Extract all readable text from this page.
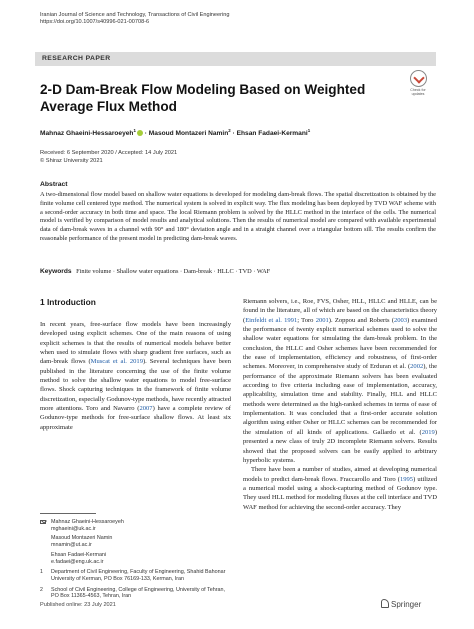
Iranian Journal of Science and Technology, Transactions of Civil Engineering
https://doi.org/10.1007/s40996-021-00708-6
RESEARCH PAPER
Check for
updates
2-D Dam-Break Flow Modeling Based on Weighted Average Flux Method
Mahnaz Ghaeini-Hessaroeyeh$^1$ · Masoud Montazeri Namin$^2$ · Ehsan Fadaei-Kermani$^1$
Received: 6 September 2020 / Accepted: 14 July 2021
© Shiraz University 2021
Abstract

A two-dimensional flow model based on shallow water equations is developed for modeling dam-break flows. The spatial discretization is obtained by the finite volume cell centered type method. The numerical system is solved in explicit way. The flux modeling has been deployed by TVD WAF scheme with a second-order accuracy in both time and space. The local Riemann problem is solved by the HLLC method in the interface of the cells. The numerical model is verified by comparison of model results and analytical solutions. Then the results of numerical model are compared with available experimental data of dam-break waves in a channel with 90° and 180° deviation angle and in a straight channel over a triangular bottom sill. The results confirm the reasonable performance of the present model in predicting dam-break waves.

Keywords Finite volume · Shallow water equations · Dam-break · HLLC · TVD · WAF
1 Introduction

In recent years, free-surface flow models have been increasingly developed using explicit schemes. One of the main reasons of using explicit schemes is that the results of numerical models behave better when used to simulate flows with sharp gradient free surfaces, such as dam-break flows (Muscat et al. 2019). Several techniques have been published in the literature concerning the use of the finite volume method to solve the shallow water equations to model free-surface flows. Shock capturing techniques in the framework of finite volume discretization, especially Godunov-type methods, have recently attracted more attentions. Toro and Navarro (2007) have a complete review of Godunov-type methods for free-surface shallow flows. At least six approximate

Riemann solvers, i.e., Roe, FVS, Osher, HLL, HLLC and HLLE, can be found in the literature, all of which are based on the characteristics theory (Einfeldt et al. 1991; Toro 2001). Zoppou and Roberts (2003) examined the performance of twenty explicit numerical schemes used to solve the shallow water equations for simulating the dam-break problem. In the conclusion, the HLLC and Osher schemes have been recommended for the ease of implementation, efficiency and robustness, of first-order schemes. Moreover, in comprehensive study of Erduran et al. (2002), the performance of the approximate Riemann solvers has been evaluated according to five criteria including ease of implementation, accuracy, applicability, simulation time and stability. Finally, HLL and HLLC methods were determined as the high-ranked schemes in terms of ease of implementation. It was concluded that a first-order accurate solution algorithm using either Osher or HLLC schemes can be recommended for the simulation of all kinds of applications. Gallardo et al. (2019) presented a new class of truly 2D incomplete Riemann solvers. Results showed that the proposed solvers can be easily applied to arbitrary hyperbolic systems.

There have been a number of studies, aimed at developing numerical models to predict dam-break flows. Fraccarollo and Toro (1995) utilized a numerical model using a shock-capturing method of Godunov type. They used HLL method for modeling fluxes at the cell interface and TVD WAF method for achieving the second-order accuracy. They

Mahnaz Ghaeini-Hessaroeyeh
mghaeini@uk.ac.ir
Masoud Montazeri Namin
mnamin@ut.ac.ir
Ehsan Fadaei-Kermani
e.fadaei@eng.uk.ac.ir
1 Department of Civil Engineering, Faculty of Engineering, Shahid Bahonar University of Kerman, PO Box 76169-133, Kerman, Iran
2 School of Civil Engineering, College of Engineering, University of Tehran, PO Box 11365-4563, Tehran, Iran
Published online: 23 July 2021	Springer
